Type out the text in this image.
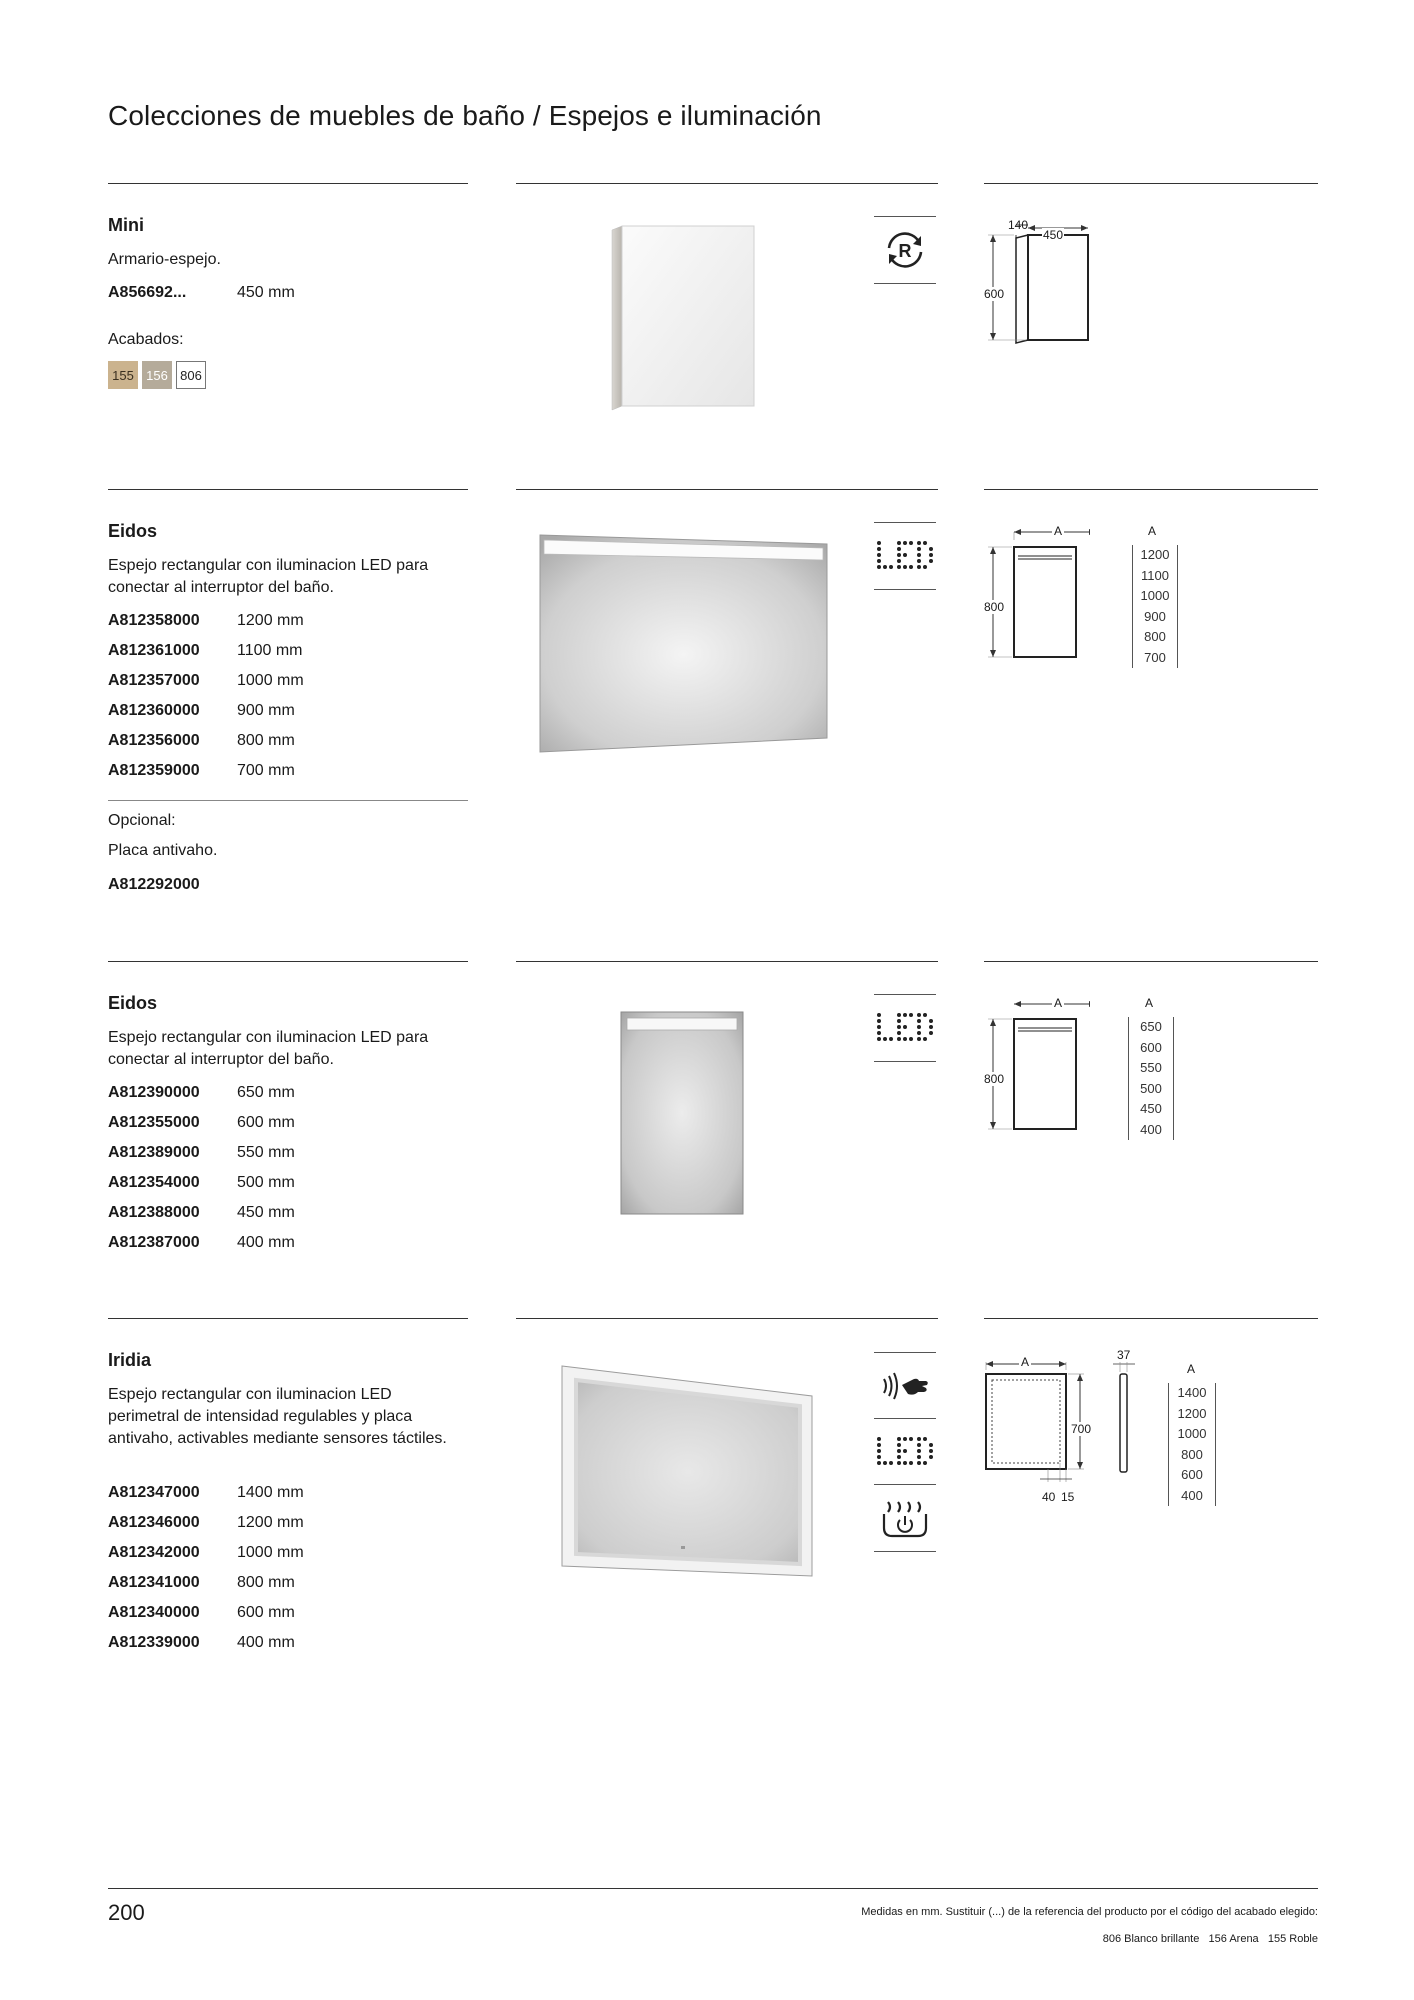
Colecciones de muebles de baño / Espejos e iluminación
Mini
Armario-espejo.
A856692...	450 mm
Acabados:
155 156 806
R
140
450
600
Eidos
Espejo rectangular con iluminacion LED para conectar al interruptor del baño.
A812358000	1200 mm
A812361000	1100 mm
A812357000	1000 mm
A812360000	900 mm
A812356000	800 mm
A812359000	700 mm
Opcional:
Placa antivaho.
A812292000
A
800
A
1200
1100
1000
900
800
700
Eidos
Espejo rectangular con iluminacion LED para conectar al interruptor del baño.
A812390000	650 mm
A812355000	600 mm
A812389000	550 mm
A812354000	500 mm
A812388000	450 mm
A812387000	400 mm
A
800
A
650
600
550
500
450
400
Iridia
Espejo rectangular con iluminacion LED perimetral de intensidad regulables y placa antivaho, activables mediante sensores táctiles.
A812347000	1400 mm
A812346000	1200 mm
A812342000	1000 mm
A812341000	800 mm
A812340000	600 mm
A812339000	400 mm
A
700
37
40 15
A
1400
1200
1000
800
600
400
200	Medidas en mm. Sustituir (...) de la referencia del producto por el código del acabado elegido:
806 Blanco brillante   156 Arena   155 Roble
